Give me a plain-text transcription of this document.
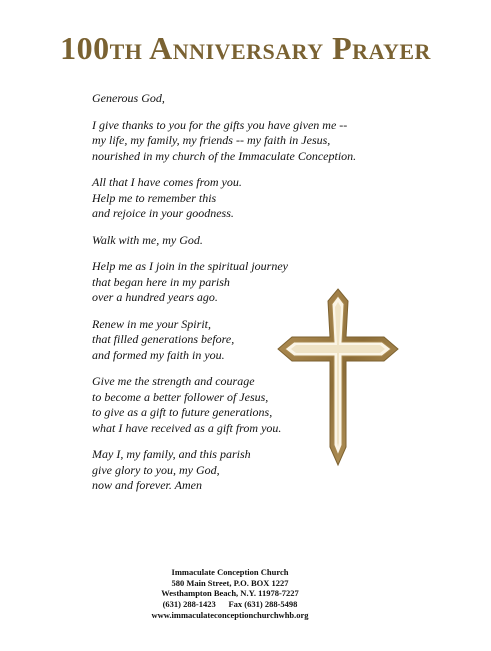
100th Anniversary Prayer
Generous God,
I give thanks to you for the gifts you have given me --
my life, my family, my friends -- my faith in Jesus,
nourished in my church of the Immaculate Conception.
All that I have comes from you.
Help me to remember this
and rejoice in your goodness.
Walk with me, my God.
Help me as I join in the spiritual journey
that began here in my parish
over a hundred years ago.
Renew in me your Spirit,
that filled generations before,
and formed my faith in you.
Give me the strength and courage
to become a better follower of Jesus,
to give as a gift to future generations,
what I have received as a gift from you.
May I, my family, and this parish
give glory to you, my God,
now and forever. Amen
Immaculate Conception Church
580 Main Street, P.O. BOX 1227
Westhampton Beach, N.Y. 11978-7227
(631) 288-1423      Fax (631) 288-5498
www.immaculateconceptionchurchwhb.org
